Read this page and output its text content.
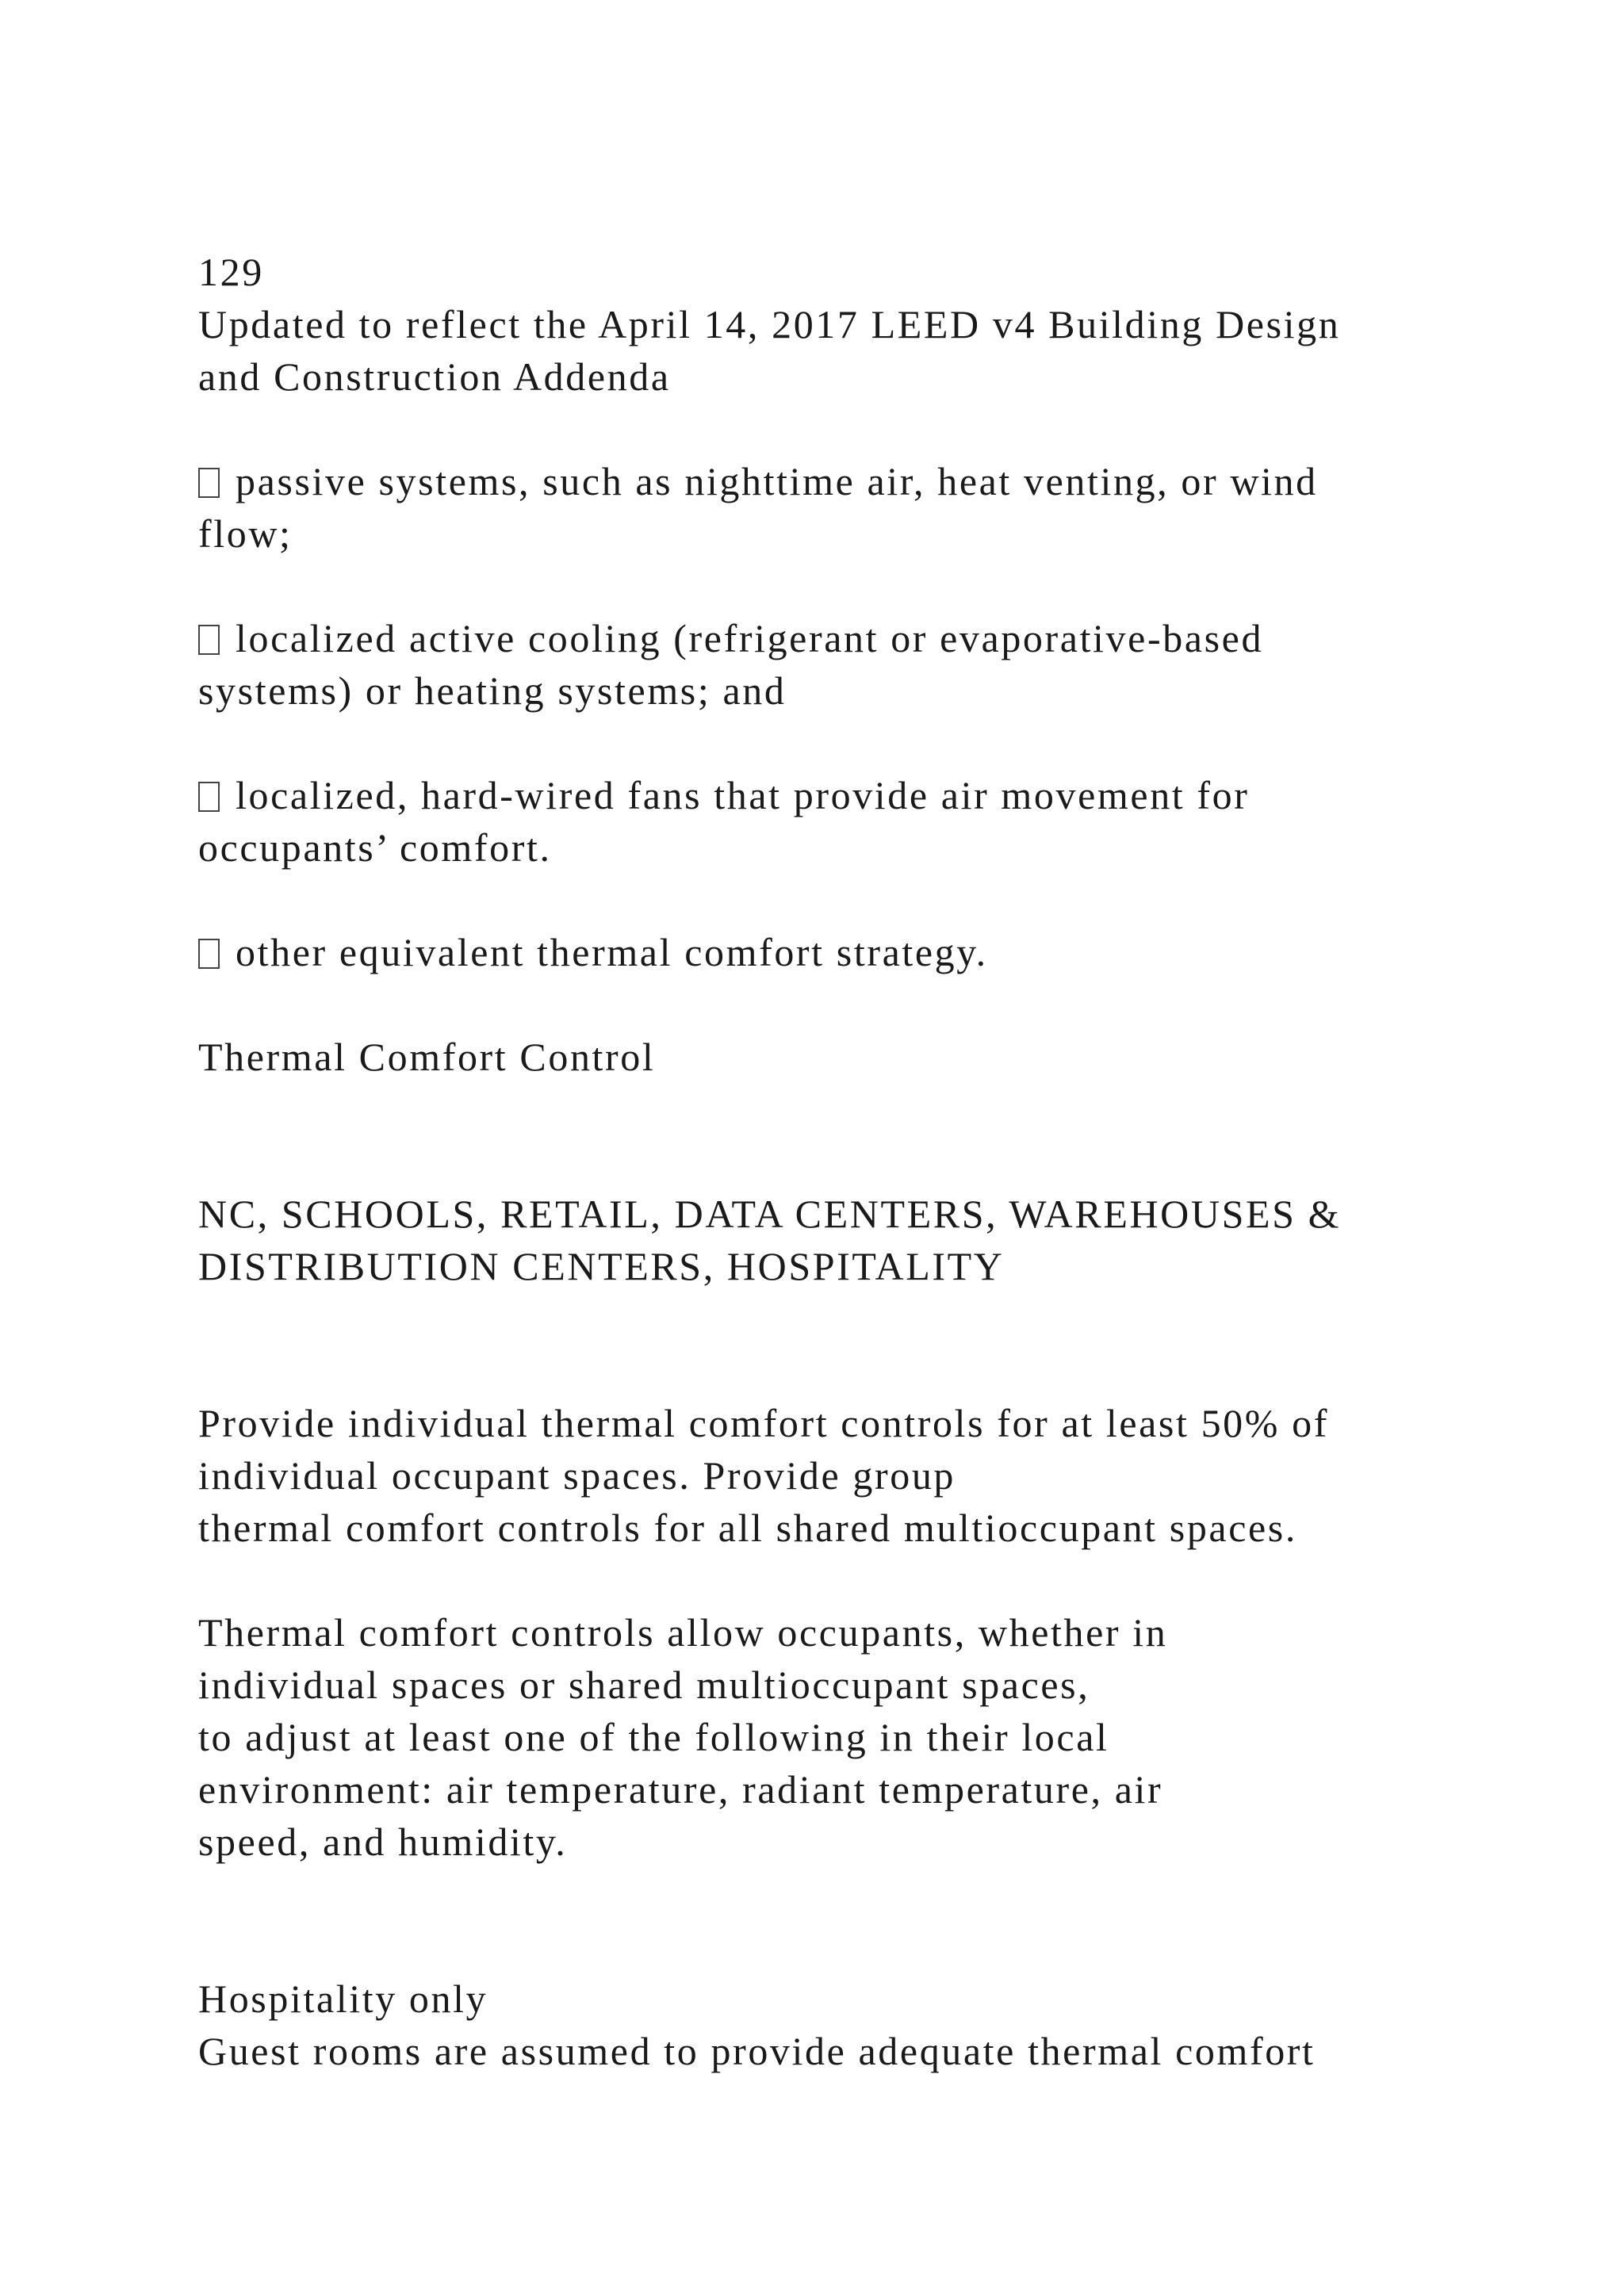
129
Updated to reflect the April 14, 2017 LEED v4 Building Design
and Construction Addenda
passive systems, such as nighttime air, heat venting, or wind
flow;
localized active cooling (refrigerant or evaporative-based
systems) or heating systems; and
localized, hard-wired fans that provide air movement for
occupants’ comfort.
other equivalent thermal comfort strategy.
Thermal Comfort Control
NC, SCHOOLS, RETAIL, DATA CENTERS, WAREHOUSES &
DISTRIBUTION CENTERS, HOSPITALITY
Provide individual thermal comfort controls for at least 50% of
individual occupant spaces. Provide group
thermal comfort controls for all shared multioccupant spaces.
Thermal comfort controls allow occupants, whether in
individual spaces or shared multioccupant spaces,
to adjust at least one of the following in their local
environment: air temperature, radiant temperature, air
speed, and humidity.
Hospitality only
Guest rooms are assumed to provide adequate thermal comfort
